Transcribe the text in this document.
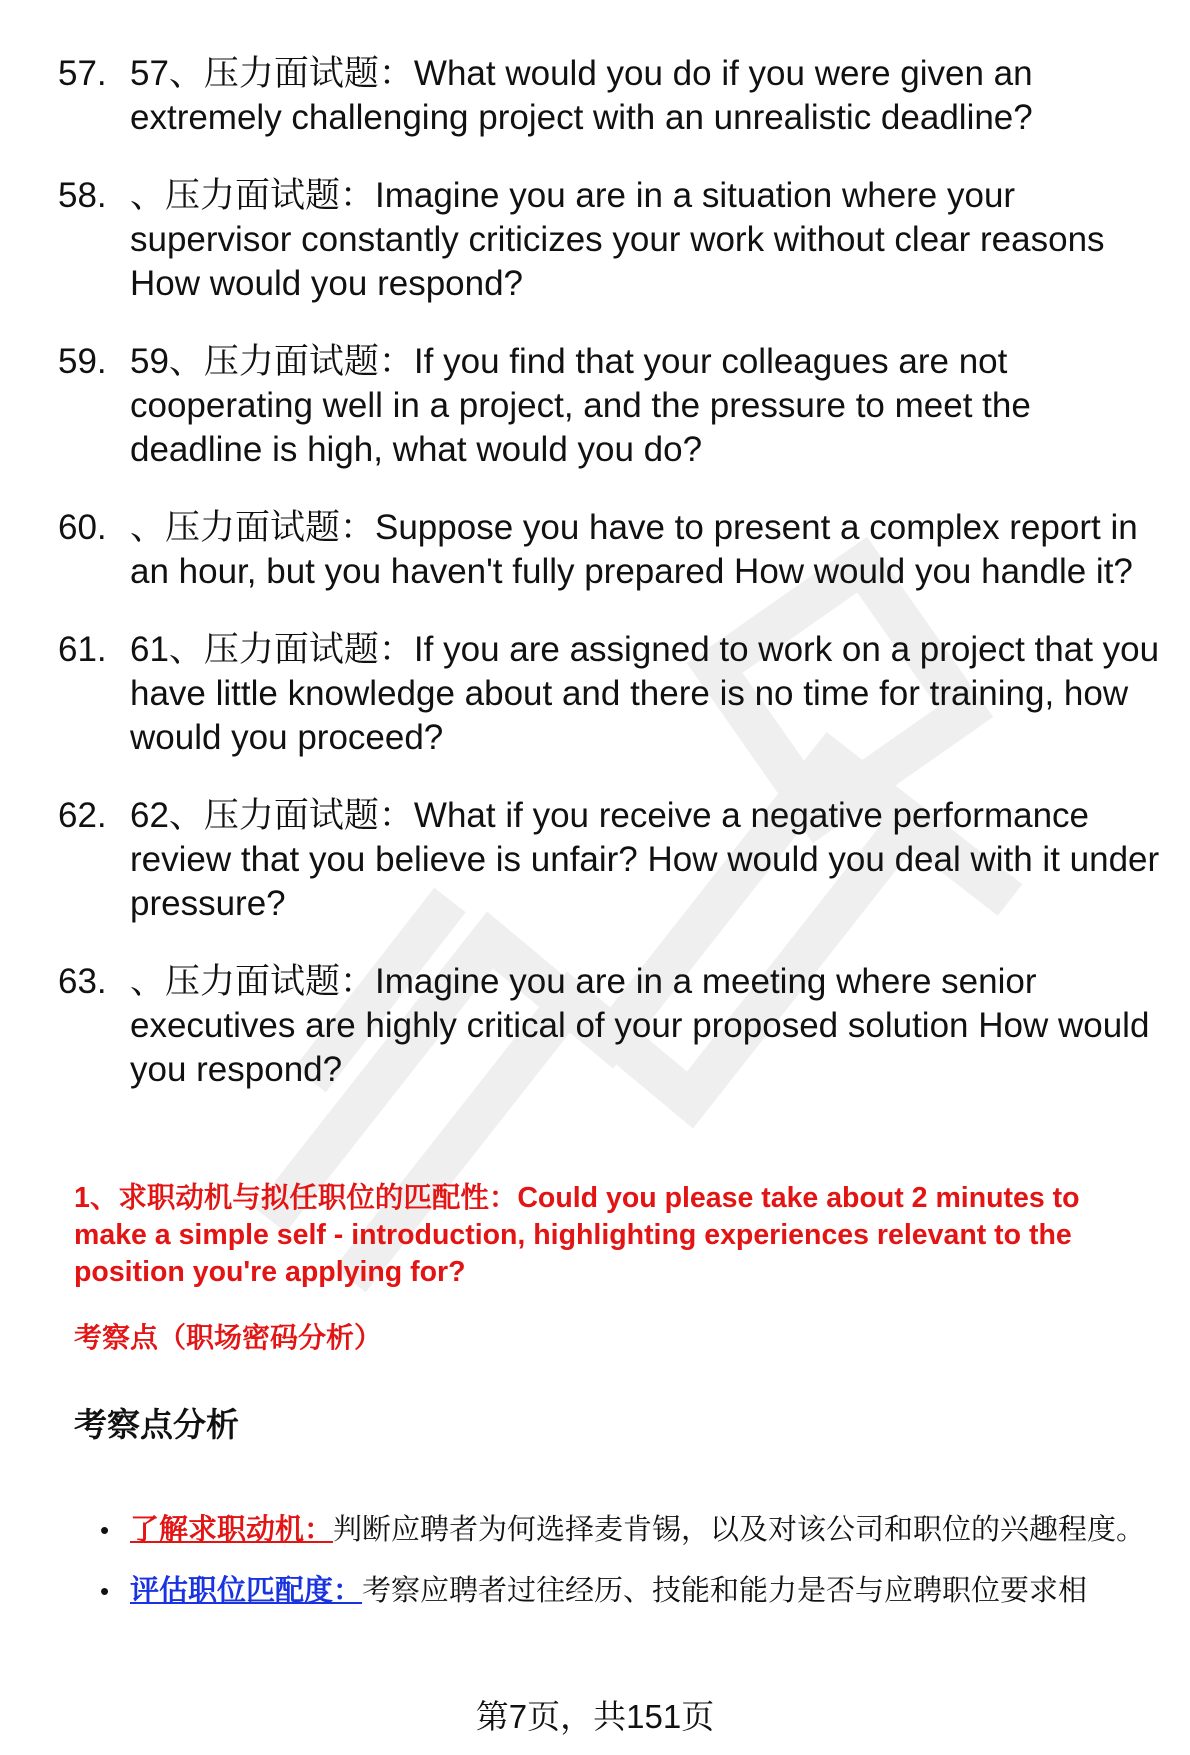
57. 57、压力面试题：What would you do if you were given an extremely challenging project with an unrealistic deadline?
58. 、压力面试题：Imagine you are in a situation where your supervisor constantly criticizes your work without clear reasons How would you respond?
59. 59、压力面试题：If you find that your colleagues are not cooperating well in a project, and the pressure to meet the deadline is high, what would you do?
60. 、压力面试题：Suppose you have to present a complex report in an hour, but you haven't fully prepared How would you handle it?
61. 61、压力面试题：If you are assigned to work on a project that you have little knowledge about and there is no time for training, how would you proceed?
62. 62、压力面试题：What if you receive a negative performance review that you believe is unfair? How would you deal with it under pressure?
63. 、压力面试题：Imagine you are in a meeting where senior executives are highly critical of your proposed solution How would you respond?
1、求职动机与拟任职位的匹配性：Could you please take about 2 minutes to make a simple self - introduction, highlighting experiences relevant to the position you're applying for?
考察点（职场密码分析）
考察点分析
• 了解求职动机：判断应聘者为何选择麦肯锡，以及对该公司和职位的兴趣程度。
• 评估职位匹配度：考察应聘者过往经历、技能和能力是否与应聘职位要求相
第7页，共151页
